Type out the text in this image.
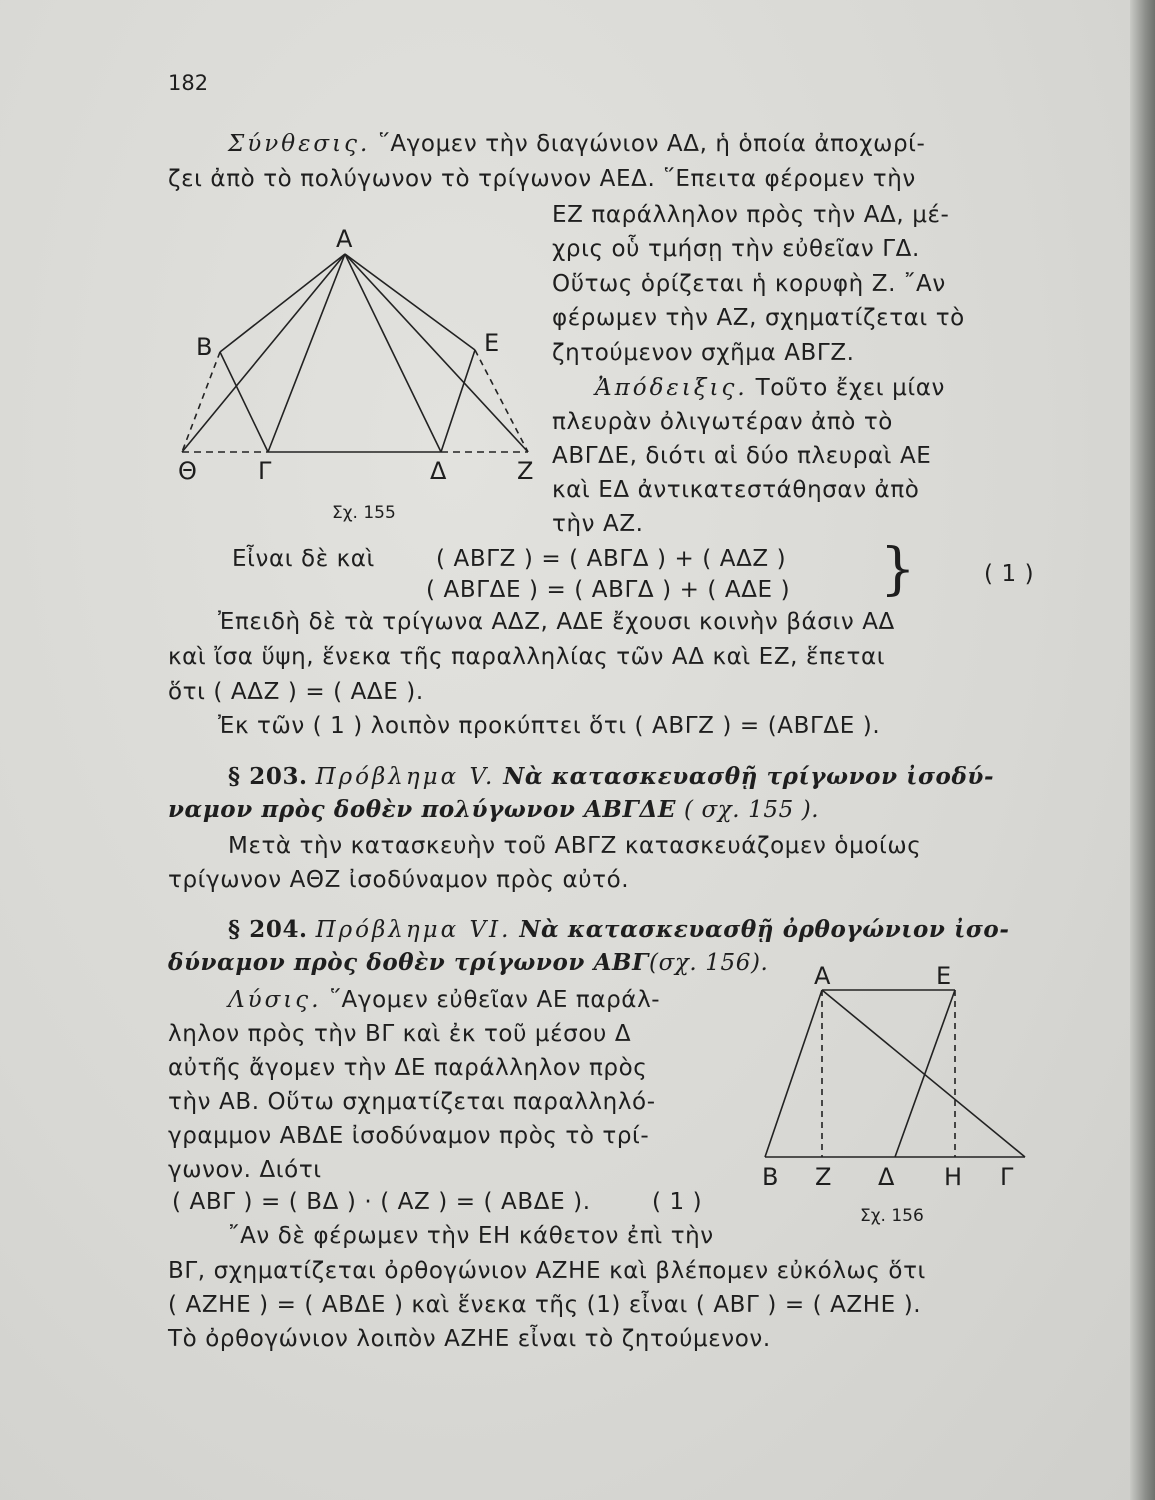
182

Σύνθεσις. ῞Αγομεν τὴν διαγώνιον ΑΔ, ἡ ὁποία ἀποχωρί-

ζει ἀπὸ τὸ πολύγωνον τὸ τρίγωνον ΑΕΔ. ῞Επειτα φέρομεν τὴν

ΕΖ παράλληλον πρὸς τὴν ΑΔ, μέ-

χρις οὗ τμήσῃ τὴν εὐθεῖαν ΓΔ.

Οὕτως ὁρίζεται ἡ κορυφὴ Ζ. ῎Αν

φέρωμεν τὴν ΑΖ, σχηματίζεται τὸ

ζητούμενον σχῆμα ΑΒΓΖ.

Ἀπόδειξις. Τοῦτο ἔχει μίαν

πλευρὰν ὀλιγωτέραν ἀπὸ τὸ

ΑΒΓΔΕ, διότι αἱ δύο πλευραὶ ΑΕ

καὶ ΕΔ ἀντικατεστάθησαν ἀπὸ

τὴν ΑΖ.

Α

Β	Ε

Θ	Γ	Δ	Ζ

Σχ. 155

Εἶναι δὲ καὶ	( ΑΒΓΖ ) = ( ΑΒΓΔ ) + ( ΑΔΖ )

( ΑΒΓΔΕ ) = ( ΑΒΓΔ ) + ( ΑΔΕ ) }	( 1 )

Ἐπειδὴ δὲ τὰ τρίγωνα ΑΔΖ, ΑΔΕ ἔχουσι κοινὴν βάσιν ΑΔ

καὶ ἴσα ὕψη, ἕνεκα τῆς παραλληλίας τῶν ΑΔ καὶ ΕΖ, ἕπεται

ὅτι ( ΑΔΖ ) = ( ΑΔΕ ).

Ἐκ τῶν ( 1 ) λοιπὸν προκύπτει ὅτι ( ΑΒΓΖ ) = (ΑΒΓΔΕ ).

§ 203. Πρόβλημα V. Νὰ κατασκευασθῇ τρίγωνον ἰσοδύ-

ναμον πρὸς δοθὲν πολύγωνον ΑΒΓΔΕ ( σχ. 155 ).

Μετὰ τὴν κατασκευὴν τοῦ ΑΒΓΖ κατασκευάζομεν ὁμοίως

τρίγωνον ΑΘΖ ἰσοδύναμον πρὸς αὐτό.

§ 204. Πρόβλημα VI. Νὰ κατασκευασθῇ ὀρθογώνιον ἰσο-

δύναμον πρὸς δοθὲν τρίγωνον ΑΒΓ(σχ. 156).

Λύσις. ῞Αγομεν εὐθεῖαν ΑΕ παράλ-

ληλον πρὸς τὴν ΒΓ καὶ ἐκ τοῦ μέσου Δ

αὐτῆς ἄγομεν τὴν ΔΕ παράλληλον πρὸς

τὴν ΑΒ. Οὕτω σχηματίζεται παραλληλό-

γραμμον ΑΒΔΕ ἰσοδύναμον πρὸς τὸ τρί-

γωνον. Διότι

( ΑΒΓ ) = ( ΒΔ ) · ( ΑΖ ) = ( ΑΒΔΕ ).	( 1 )

῎Αν δὲ φέρωμεν τὴν ΕΗ κάθετον ἐπὶ τὴν

ΒΓ, σχηματίζεται ὀρθογώνιον ΑΖΗΕ καὶ βλέπομεν εὐκόλως ὅτι

( ΑΖΗΕ ) = ( ΑΒΔΕ ) καὶ ἕνεκα τῆς (1) εἶναι ( ΑΒΓ ) = ( ΑΖΗΕ ).

Τὸ ὀρθογώνιον λοιπὸν ΑΖΗΕ εἶναι τὸ ζητούμενον.

Α	Ε

Β Ζ Δ Η Γ

Σχ. 156
